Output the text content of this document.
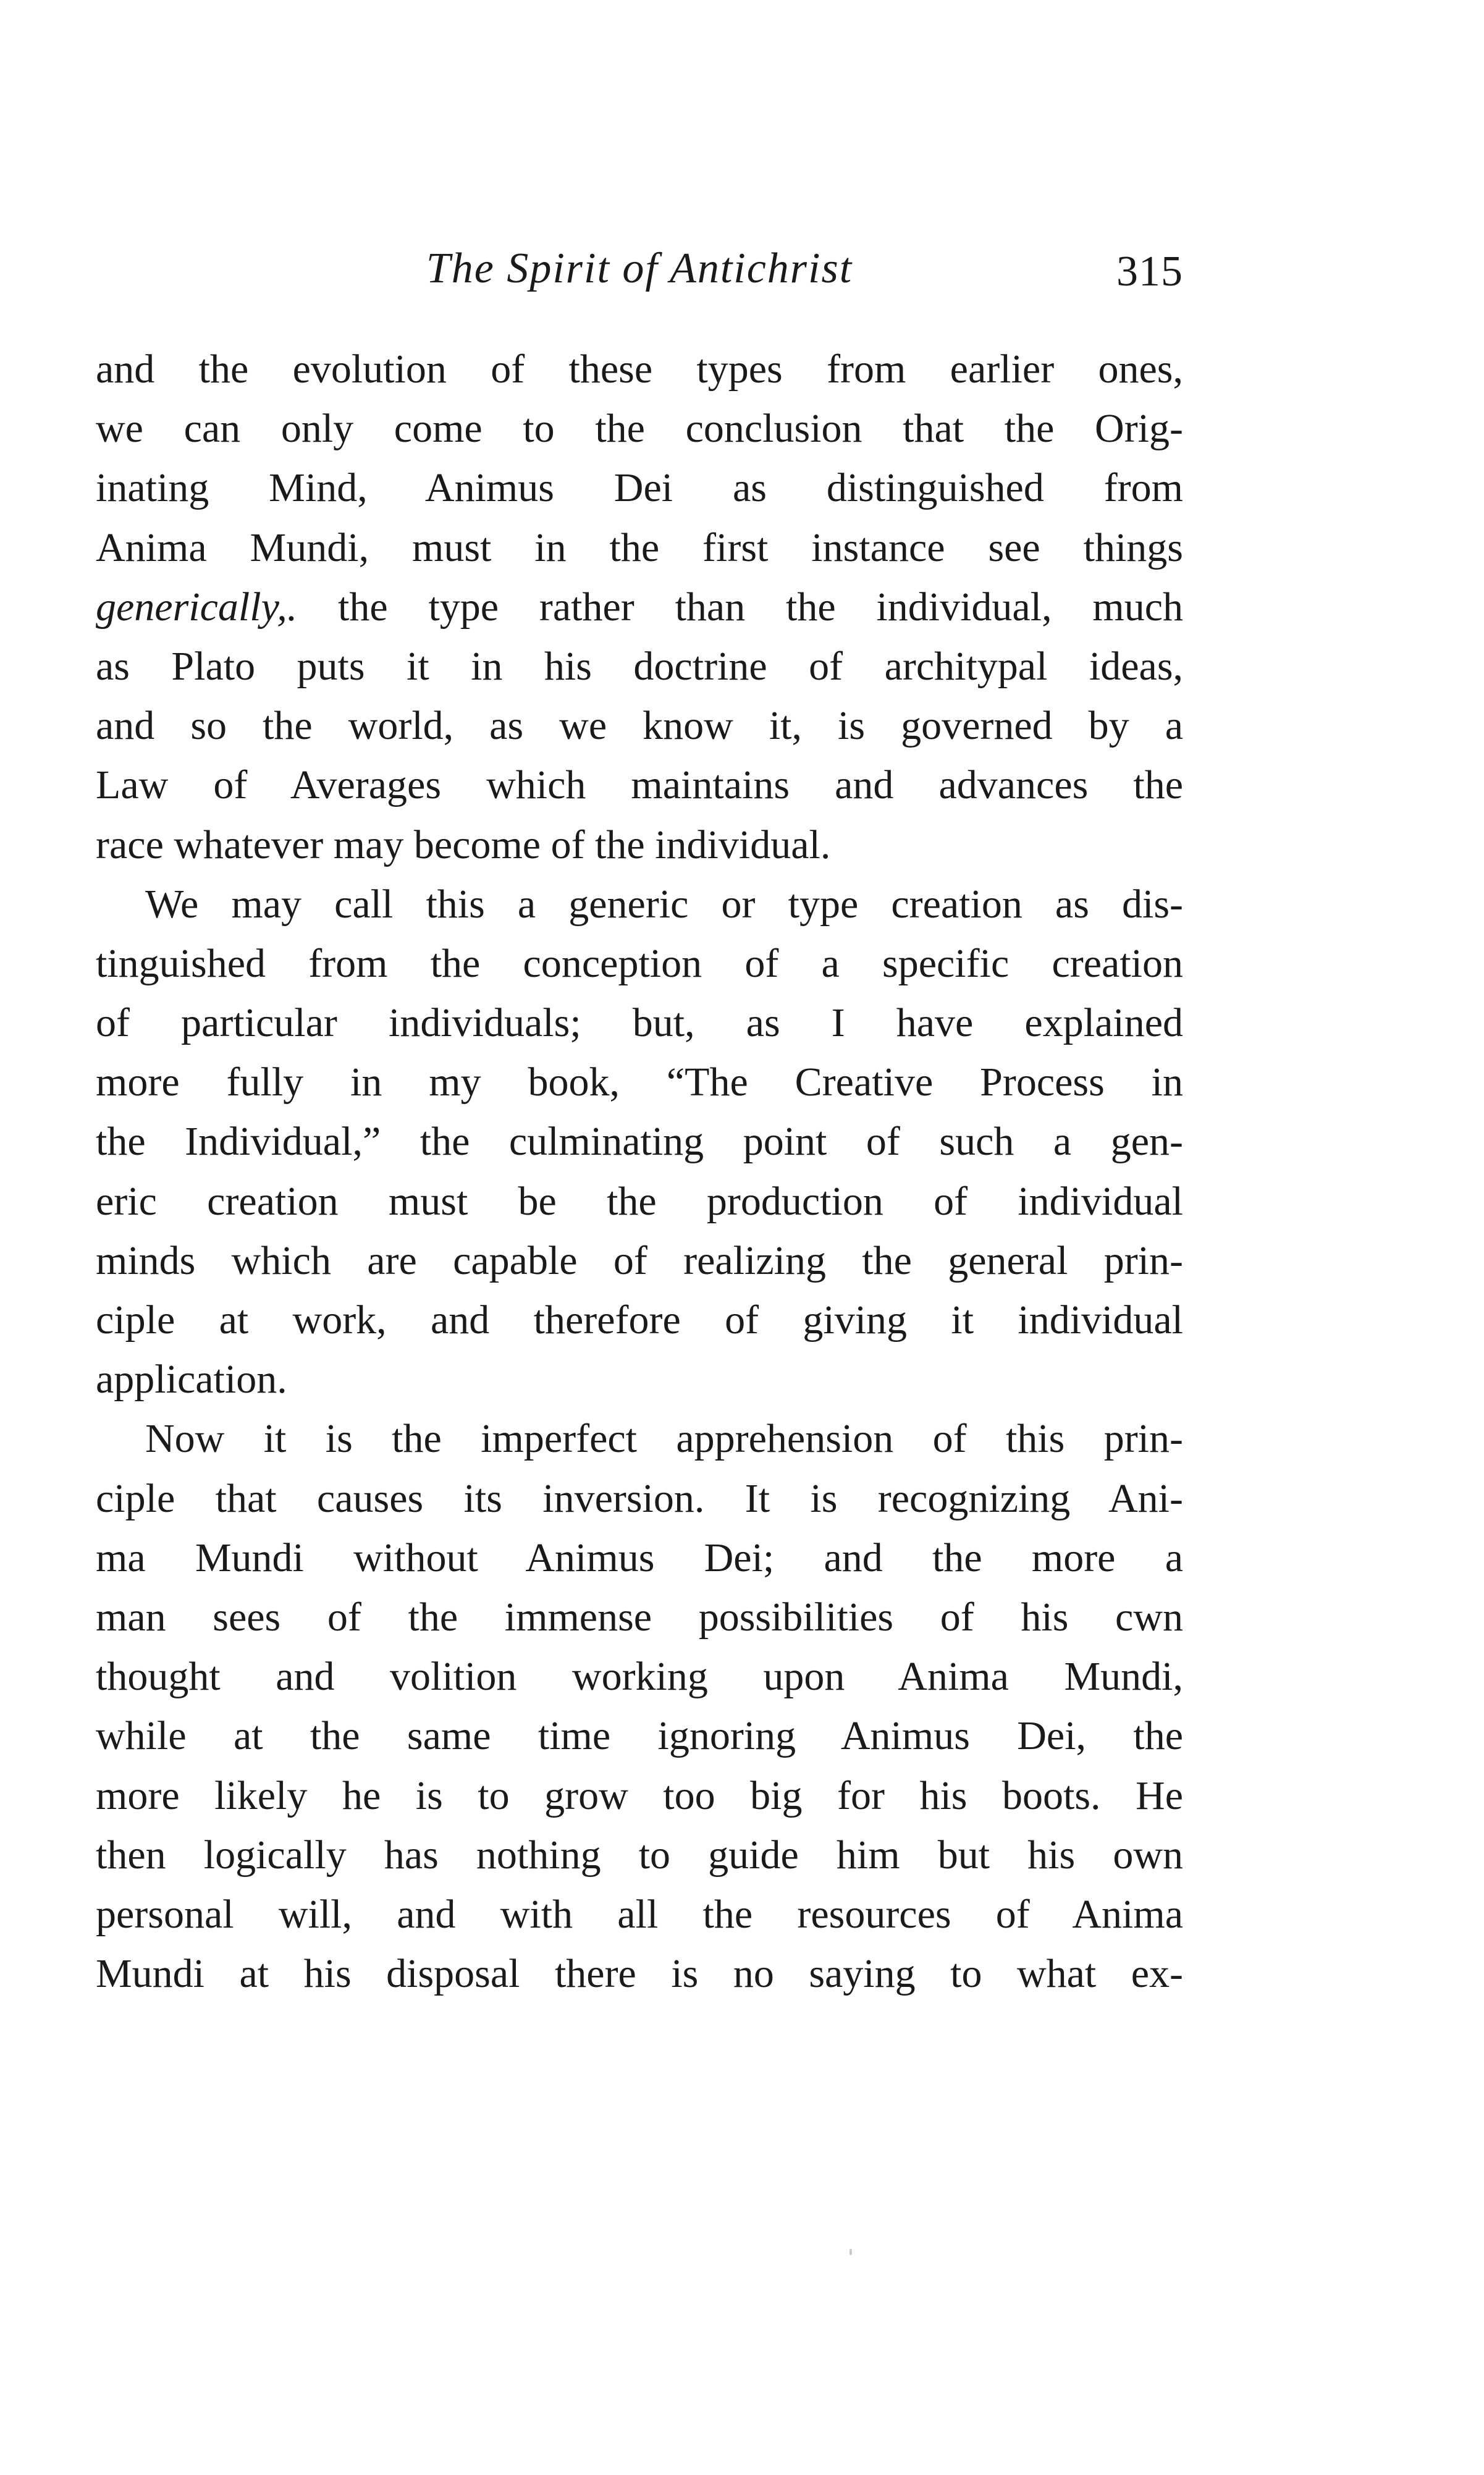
The Spirit of Antichrist	315
and the evolution of these types from earlier ones,
we can only come to the conclusion that the Orig-
inating Mind, Animus Dei as distinguished from
Anima Mundi, must in the first instance see things
generically,. the type rather than the individual, much
as Plato puts it in his doctrine of architypal ideas,
and so the world, as we know it, is governed by a
Law of Averages which maintains and advances the
race whatever may become of the individual.
We may call this a generic or type creation as dis-
tinguished from the conception of a specific creation
of particular individuals; but, as I have explained
more fully in my book, “The Creative Process in
the Individual,” the culminating point of such a gen-
eric creation must be the production of individual
minds which are capable of realizing the general prin-
ciple at work, and therefore of giving it individual
application.
Now it is the imperfect apprehension of this prin-
ciple that causes its inversion. It is recognizing Ani-
ma Mundi without Animus Dei; and the more a
man sees of the immense possibilities of his cwn
thought and volition working upon Anima Mundi,
while at the same time ignoring Animus Dei, the
more likely he is to grow too big for his boots. He
then logically has nothing to guide him but his own
personal will, and with all the resources of Anima
Mundi at his disposal there is no saying to what ex-
